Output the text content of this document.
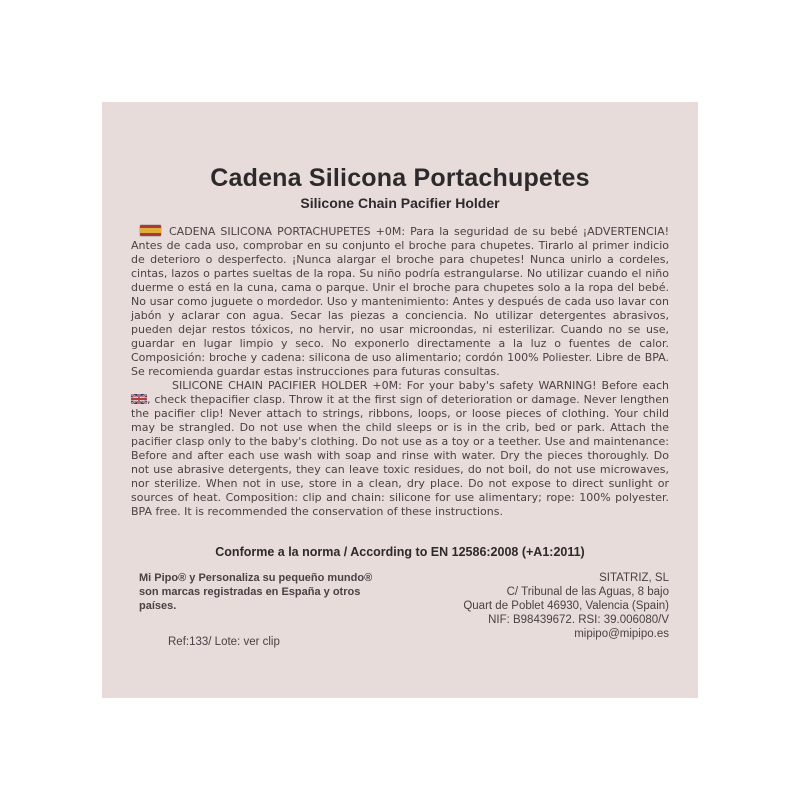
Cadena Silicona Portachupetes
Silicone Chain Pacifier Holder

CADENA SILICONA PORTACHUPETES +0M: Para la seguridad de su bebé ¡ADVERTENCIA! Antes de cada uso, comprobar en su conjunto el broche para chupetes. Tirarlo al primer indicio de deterioro o desperfecto. ¡Nunca alargar el broche para chupetes! Nunca unirlo a cordeles, cintas, lazos o partes sueltas de la ropa. Su niño podría estrangularse. No utilizar cuando el niño duerme o está en la cuna, cama o parque. Unir el broche para chupetes solo a la ropa del bebé. No usar como juguete o mordedor. Uso y mantenimiento: Antes y después de cada uso lavar con jabón y aclarar con agua. Secar las piezas a conciencia. No utilizar detergentes abrasivos, pueden dejar restos tóxicos, no hervir, no usar microondas, ni esterilizar. Cuando no se use, guardar en lugar limpio y seco. No exponerlo directamente a la luz o fuentes de calor. Composición: broche y cadena: silicona de uso alimentario; cordón 100% Poliester. Libre de BPA. Se recomienda guardar estas instrucciones para futuras consultas.

SILICONE CHAIN PACIFIER HOLDER +0M: For your baby's safety WARNING! Before each
, check thepacifier clasp. Throw it at the first sign of deterioration or damage. Never lengthen the pacifier clip! Never attach to strings, ribbons, loops, or loose pieces of clothing. Your child may be strangled. Do not use when the child sleeps or is in the crib, bed or park. Attach the pacifier clasp only to the baby's clothing. Do not use as a toy or a teether. Use and maintenance: Before and after each use wash with soap and rinse with water. Dry the pieces thoroughly. Do not use abrasive detergents, they can leave toxic residues, do not boil, do not use microwaves, nor sterilize. When not in use, store in a clean, dry place. Do not expose to direct sunlight or sources of heat. Composition: clip and chain: silicone for use alimentary; rope: 100% polyester. BPA free. It is recommended the conservation of these instructions.

Conforme a la norma / According to EN 12586:2008 (+A1:2011)

Mi Pipo® y Personaliza su pequeño mundo® son marcas registradas en España y otros países.

Ref:133/ Lote: ver clip

SITATRIZ, SL
C/ Tribunal de las Aguas, 8 bajo
Quart de Poblet 46930, Valencia (Spain)
NIF: B98439672. RSI: 39.006080/V
mipipo@mipipo.es
